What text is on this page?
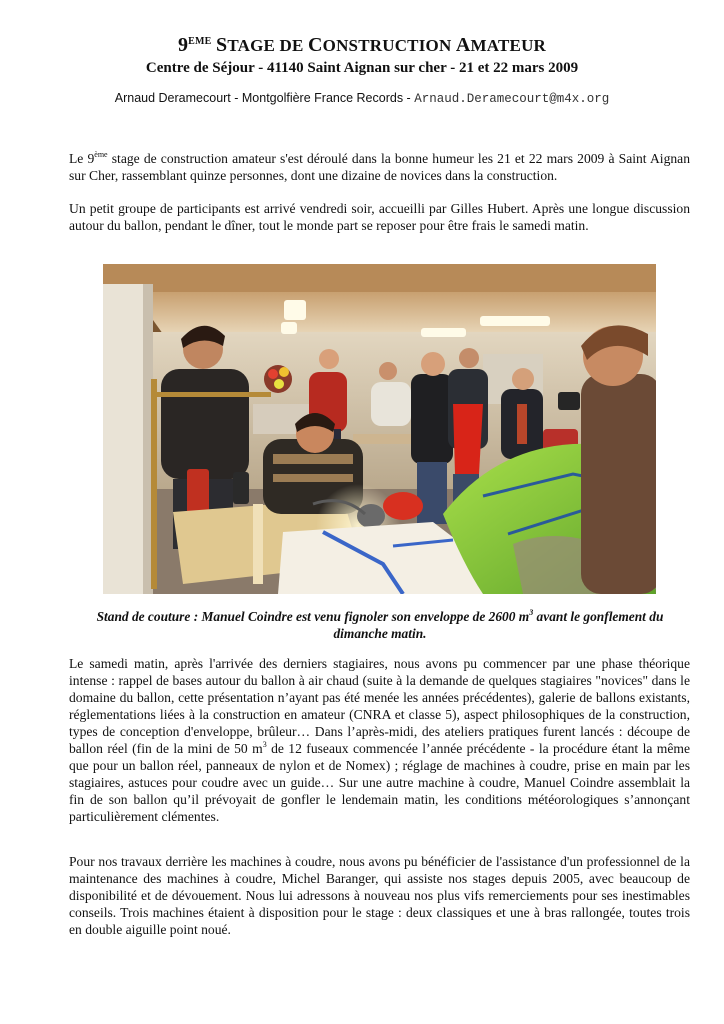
9EME STAGE DE CONSTRUCTION AMATEUR
Centre de Séjour - 41140 Saint Aignan sur cher - 21 et 22 mars 2009
Arnaud Deramecourt - Montgolfière France Records - Arnaud.Deramecourt@m4x.org

Le 9ème stage de construction amateur s'est déroulé dans la bonne humeur les 21 et 22 mars 2009 à Saint Aignan sur Cher, rassemblant quinze personnes, dont une dizaine de novices dans la construction.

Un petit groupe de participants est arrivé vendredi soir, accueilli par Gilles Hubert. Après une longue discussion autour du ballon, pendant le dîner, tout le monde part se reposer pour être frais le samedi matin.

Stand de couture : Manuel Coindre est venu fignoler son enveloppe de 2600 $m^3$ avant le gonflement du dimanche matin.

Le samedi matin, après l'arrivée des derniers stagiaires, nous avons pu commencer par une phase théorique intense : rappel de bases autour du ballon à air chaud (suite à la demande de quelques stagiaires "novices" dans le domaine du ballon, cette présentation n’ayant pas été menée les années précédentes), galerie de ballons existants, réglementations liées à la construction en amateur (CNRA et classe 5), aspect philosophiques de la construction, types de conception d'enveloppe, brûleur… Dans l’après-midi, des ateliers pratiques furent lancés : découpe de ballon réel (fin de la mini de 50 $m^3$ de 12 fuseaux commencée l’année précédente - la procédure étant la même que pour un ballon réel, panneaux de nylon et de Nomex) ; réglage de machines à coudre, prise en main par les stagiaires, astuces pour coudre avec un guide… Sur une autre machine à coudre, Manuel Coindre assemblait la fin de son ballon qu’il prévoyait de gonfler le lendemain matin, les conditions météorologiques s’annonçant particulièrement clémentes.

Pour nos travaux derrière les machines à coudre, nous avons pu bénéficier de l'assistance d'un professionnel de la maintenance des machines à coudre, Michel Baranger, qui assiste nos stages depuis 2005, avec beaucoup de disponibilité et de dévouement. Nous lui adressons à nouveau nos plus vifs remerciements pour ses inestimables conseils. Trois machines étaient à disposition pour le stage : deux classiques et une à bras rallongée, toutes trois en double aiguille point noué.
